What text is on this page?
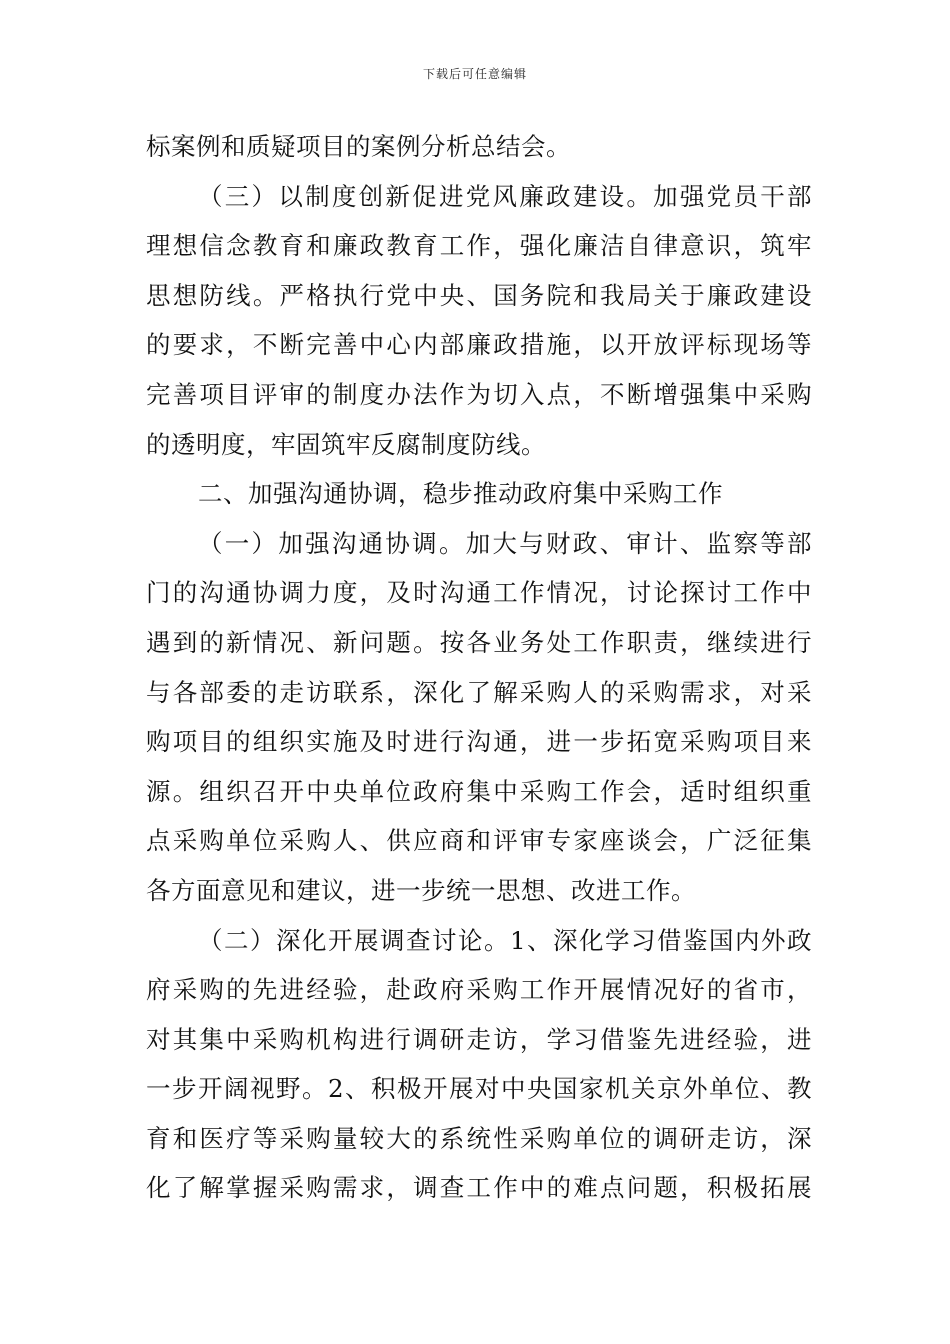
下载后可任意编辑
标案例和质疑项目的案例分析总结会。
（三）以制度创新促进党风廉政建设。加强党员干部
理想信念教育和廉政教育工作，强化廉洁自律意识，筑牢
思想防线。严格执行党中央、国务院和我局关于廉政建设
的要求，不断完善中心内部廉政措施，以开放评标现场等
完善项目评审的制度办法作为切入点，不断增强集中采购
的透明度，牢固筑牢反腐制度防线。
二、加强沟通协调，稳步推动政府集中采购工作
（一）加强沟通协调。加大与财政、审计、监察等部
门的沟通协调力度，及时沟通工作情况，讨论探讨工作中
遇到的新情况、新问题。按各业务处工作职责，继续进行
与各部委的走访联系，深化了解采购人的采购需求，对采
购项目的组织实施及时进行沟通，进一步拓宽采购项目来
源。组织召开中央单位政府集中采购工作会，适时组织重
点采购单位采购人、供应商和评审专家座谈会，广泛征集
各方面意见和建议，进一步统一思想、改进工作。
（二）深化开展调查讨论。1、深化学习借鉴国内外政
府采购的先进经验，赴政府采购工作开展情况好的省市，
对其集中采购机构进行调研走访，学习借鉴先进经验，进
一步开阔视野。2、积极开展对中央国家机关京外单位、教
育和医疗等采购量较大的系统性采购单位的调研走访，深
化了解掌握采购需求，调查工作中的难点问题，积极拓展
